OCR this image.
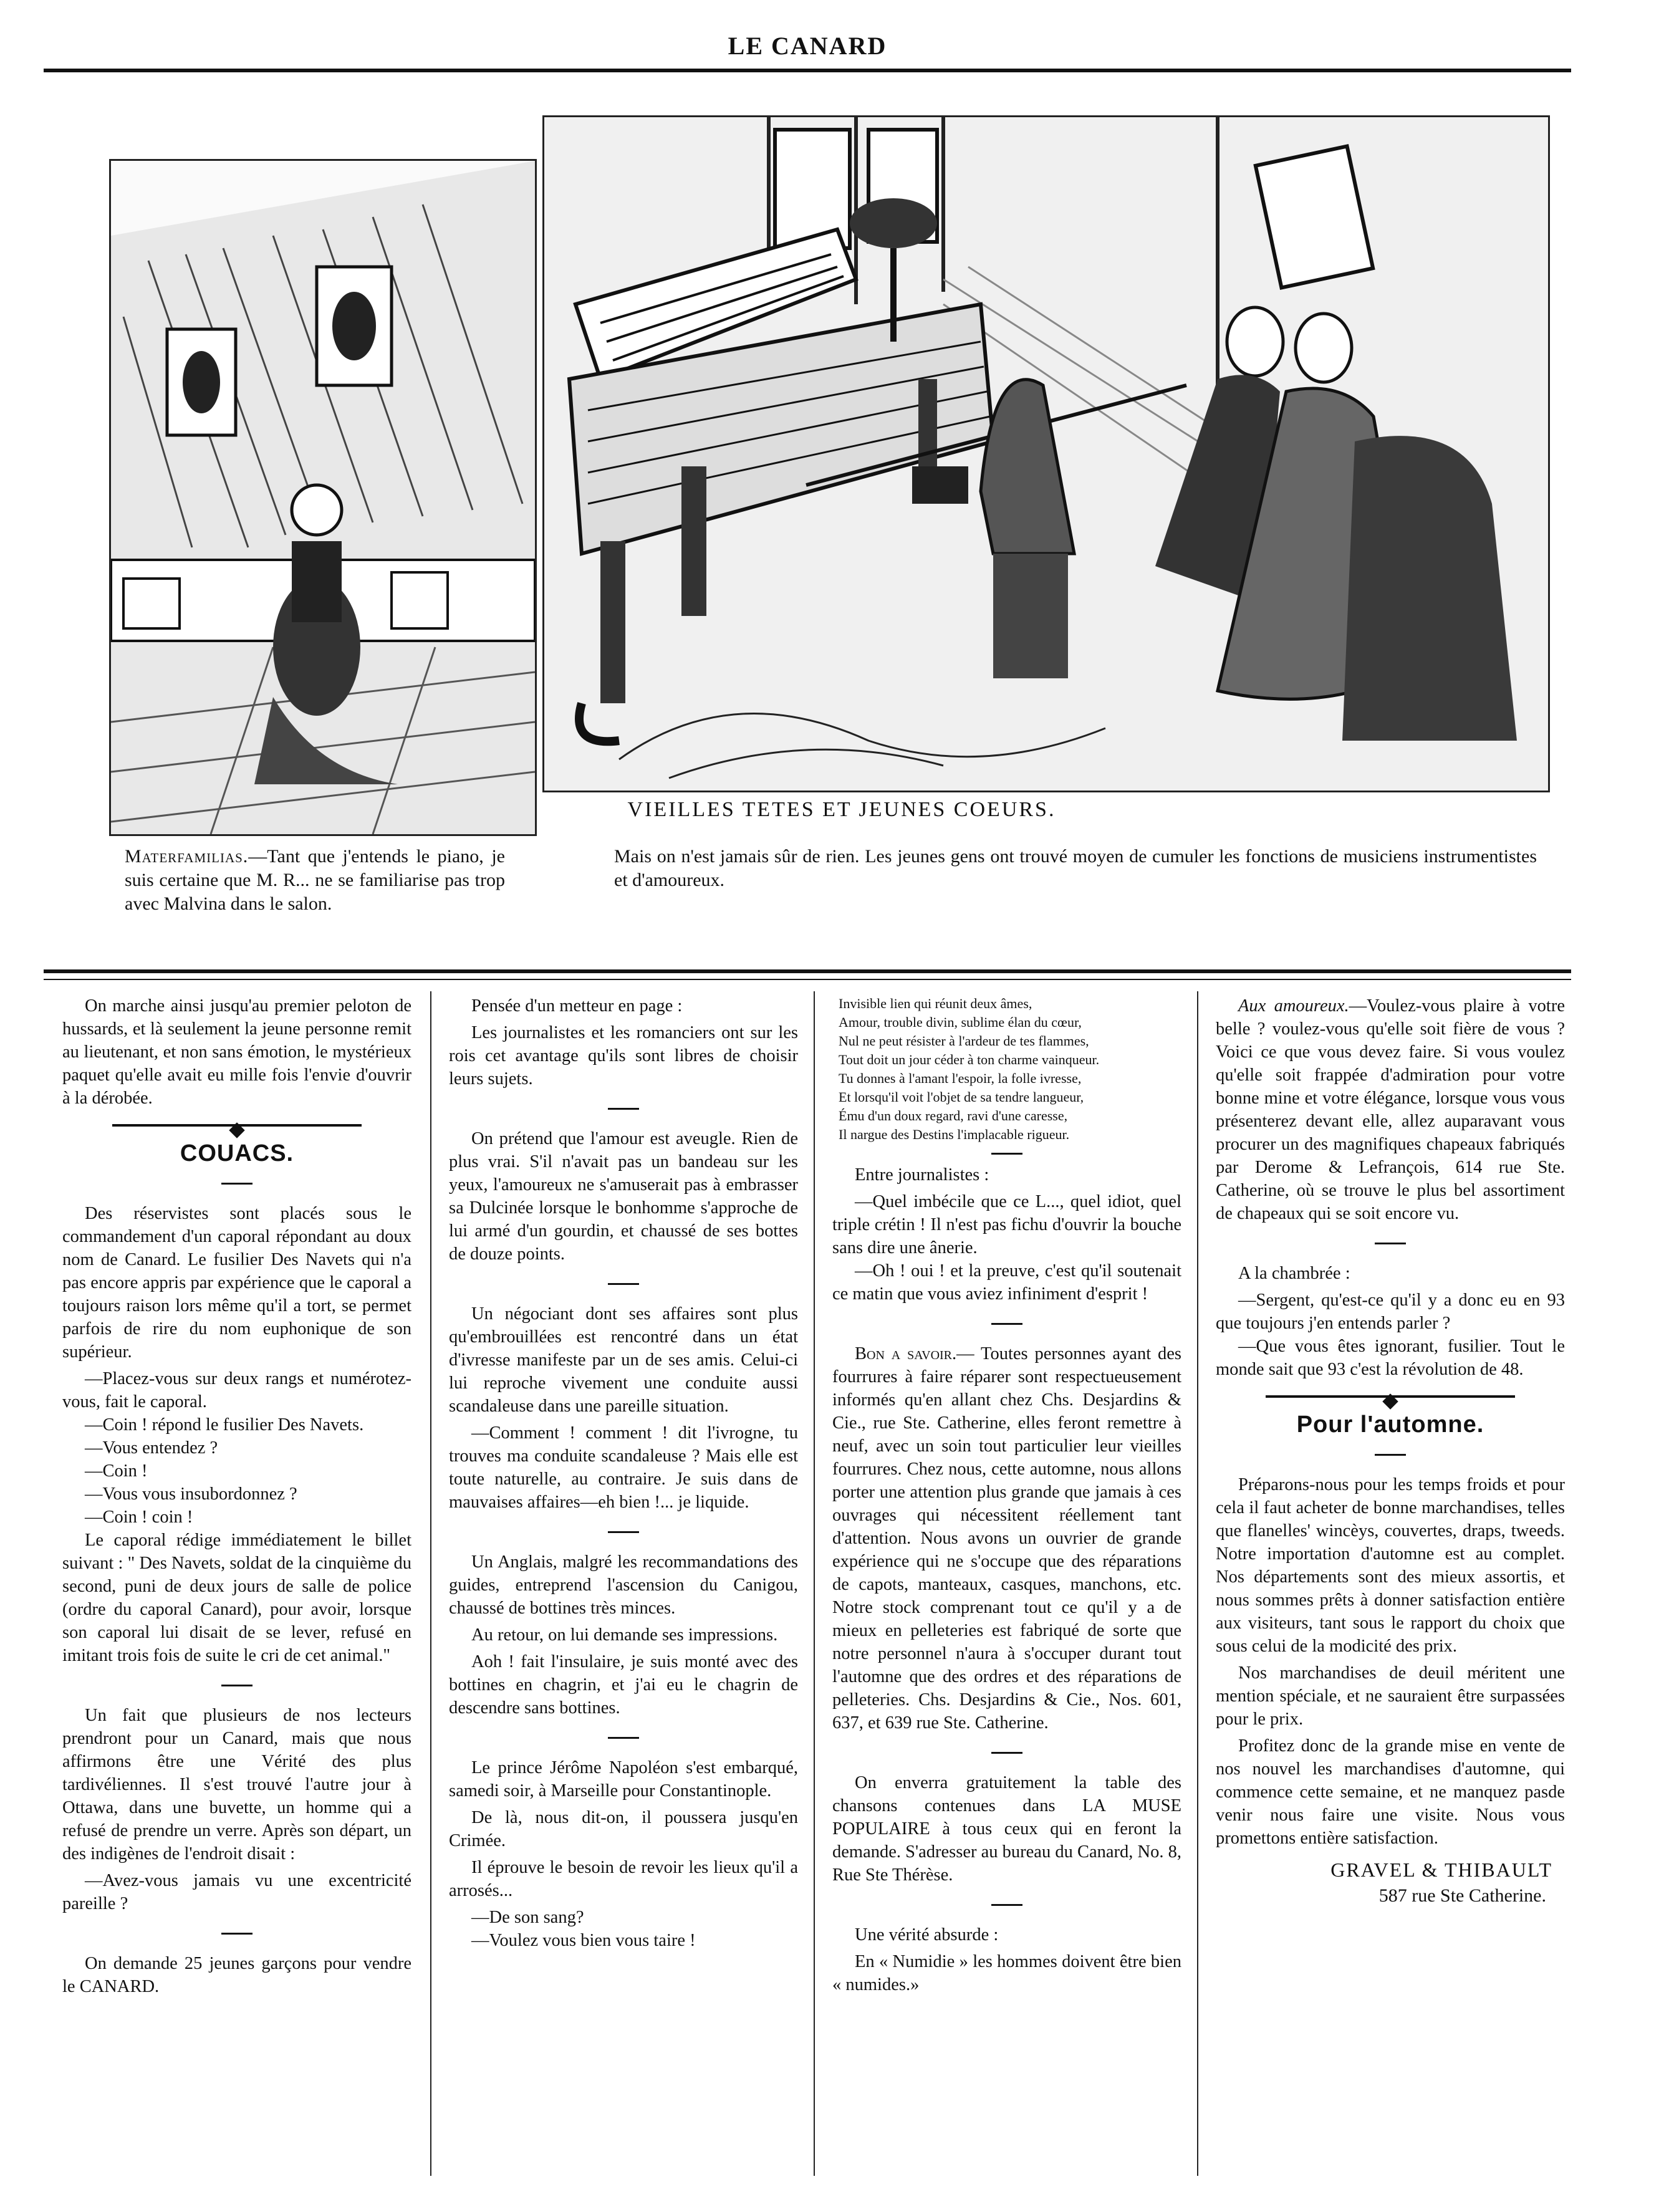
LE CANARD
VIEILLES TETES ET JEUNES COEURS.
Materfamilias.—Tant que j'entends le piano, je suis certaine que M. R... ne se familiarise pas trop avec Malvina dans le salon.
Mais on n'est jamais sûr de rien. Les jeunes gens ont trouvé moyen de cumuler les fonctions de musiciens instrumentistes et d'amoureux.

On marche ainsi jusqu'au premier peloton de hussards, et là seulement la jeune personne remit au lieutenant, et non sans émotion, le mystérieux paquet qu'elle avait eu mille fois l'envie d'ouvrir à la dérobée.

COUACS.

Des réservistes sont placés sous le commandement d'un caporal répondant au doux nom de Canard. Le fusilier Des Navets qui n'a pas encore appris par expérience que le caporal a toujours raison lors même qu'il a tort, se permet parfois de rire du nom euphonique de son supérieur.

—Placez-vous sur deux rangs et numérotez-vous, fait le caporal.

—Coin ! répond le fusilier Des Navets.

—Vous entendez ?

—Coin !

—Vous vous insubordonnez ?

—Coin ! coin !

Le caporal rédige immédiatement le billet suivant : " Des Navets, soldat de la cinquième du second, puni de deux jours de salle de police (ordre du caporal Canard), pour avoir, lorsque son caporal lui disait de se lever, refusé en imitant trois fois de suite le cri de cet animal."

Un fait que plusieurs de nos lecteurs prendront pour un Canard, mais que nous affirmons être une Vérité des plus tardivéliennes. Il s'est trouvé l'autre jour à Ottawa, dans une buvette, un homme qui a refusé de prendre un verre. Après son départ, un des indigènes de l'endroit disait :

—Avez-vous jamais vu une excentricité pareille ?

On demande 25 jeunes garçons pour vendre le CANARD.

Pensée d'un metteur en page :

Les journalistes et les romanciers ont sur les rois cet avantage qu'ils sont libres de choisir leurs sujets.

On prétend que l'amour est aveugle. Rien de plus vrai. S'il n'avait pas un bandeau sur les yeux, l'amoureux ne s'amuserait pas à embrasser sa Dulcinée lorsque le bonhomme s'approche de lui armé d'un gourdin, et chaussé de ses bottes de douze points.

Un négociant dont ses affaires sont plus qu'embrouillées est rencontré dans un état d'ivresse manifeste par un de ses amis. Celui-ci lui reproche vivement une conduite aussi scandaleuse dans une pareille situation.

—Comment ! comment ! dit l'ivrogne, tu trouves ma conduite scandaleuse ? Mais elle est toute naturelle, au contraire. Je suis dans de mauvaises affaires—eh bien !... je liquide.

Un Anglais, malgré les recommandations des guides, entreprend l'ascension du Canigou, chaussé de bottines très minces.

Au retour, on lui demande ses impressions.

Aoh ! fait l'insulaire, je suis monté avec des bottines en chagrin, et j'ai eu le chagrin de descendre sans bottines.

Le prince Jérôme Napoléon s'est embarqué, samedi soir, à Marseille pour Constantinople.

De là, nous dit-on, il poussera jusqu'en Crimée.

Il éprouve le besoin de revoir les lieux qu'il a arrosés...

—De son sang?

—Voulez vous bien vous taire !

Invisible lien qui réunit deux âmes,

Amour, trouble divin, sublime élan du cœur,

Nul ne peut résister à l'ardeur de tes flammes,

Tout doit un jour céder à ton charme vainqueur.

Tu donnes à l'amant l'espoir, la folle ivresse,

Et lorsqu'il voit l'objet de sa tendre langueur,

Ému d'un doux regard, ravi d'une caresse,

Il nargue des Destins l'implacable rigueur.

Entre journalistes :

—Quel imbécile que ce L..., quel idiot, quel triple crétin ! Il n'est pas fichu d'ouvrir la bouche sans dire une ânerie.

—Oh ! oui ! et la preuve, c'est qu'il soutenait ce matin que vous aviez infiniment d'esprit !

Bon a savoir.— Toutes personnes ayant des fourrures à faire réparer sont respectueusement informés qu'en allant chez Chs. Desjardins & Cie., rue Ste. Catherine, elles feront remettre à neuf, avec un soin tout particulier leur vieilles fourrures. Chez nous, cette automne, nous allons porter une attention plus grande que jamais à ces ouvrages qui nécessitent réellement tant d'attention. Nous avons un ouvrier de grande expérience qui ne s'occupe que des réparations de capots, manteaux, casques, manchons, etc. Notre stock comprenant tout ce qu'il y a de mieux en pelleteries est fabriqué de sorte que notre personnel n'aura à s'occuper durant tout l'automne que des ordres et des réparations de pelleteries. Chs. Desjardins & Cie., Nos. 601, 637, et 639 rue Ste. Catherine.

On enverra gratuitement la table des chansons contenues dans LA MUSE POPULAIRE à tous ceux qui en feront la demande. S'adresser au bureau du Canard, No. 8, Rue Ste Thérèse.

Une vérité absurde :

En « Numidie » les hommes doivent être bien « numides.»

Aux amoureux.—Voulez-vous plaire à votre belle ? voulez-vous qu'elle soit fière de vous ? Voici ce que vous devez faire. Si vous voulez qu'elle soit frappée d'admiration pour votre bonne mine et votre élégance, lorsque vous vous présenterez devant elle, allez auparavant vous procurer un des magnifiques chapeaux fabriqués par Derome & Lefrançois, 614 rue Ste. Catherine, où se trouve le plus bel assortiment de chapeaux qui se soit encore vu.

A la chambrée :

—Sergent, qu'est-ce qu'il y a donc eu en 93 que toujours j'en entends parler ?

—Que vous êtes ignorant, fusilier. Tout le monde sait que 93 c'est la révolution de 48.

Pour l'automne.

Préparons-nous pour les temps froids et pour cela il faut acheter de bonne marchandises, telles que flanelles' wincèys, couvertes, draps, tweeds. Notre importation d'automne est au complet. Nos départements sont des mieux assortis, et nous sommes prêts à donner satisfaction entière aux visiteurs, tant sous le rapport du choix que sous celui de la modicité des prix.

Nos marchandises de deuil méritent une mention spéciale, et ne sauraient être surpassées pour le prix.

Profitez donc de la grande mise en vente de nos nouvel les marchandises d'automne, qui commence cette semaine, et ne manquez pasde venir nous faire une visite. Nous vous promettons entière satisfaction.

GRAVEL & THIBAULT
587 rue Ste Catherine.
